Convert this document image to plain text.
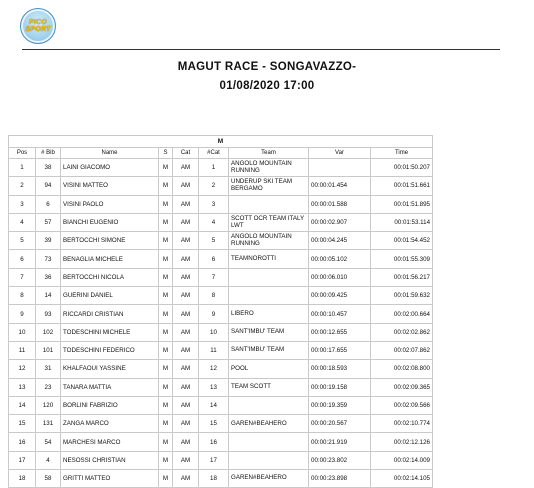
PICO
SPORT
MAGUT RACE - SONGAVAZZO-
01/08/2020 17:00
M								
Pos	# Bib	Name	S	Cat	#Cat	Team	Var	Time
1	38	LAINI GIACOMO	M	AM	1	ANGOLO MOUNTAIN RUNNING		00:01:50.207
2	94	VISINI MATTEO	M	AM	2	UNDERUP SKI TEAM BERGAMO	00:00:01.454	00:01:51.661
3	6	VISINI PAOLO	M	AM	3		00:00:01.588	00:01:51.895
4	57	BIANCHI EUGENIO	M	AM	4	SCOTT OCR TEAM ITALY LWT	00:00:02.907	00:01:53.114
5	39	BERTOCCHI SIMONE	M	AM	5	ANGOLO MOUNTAIN RUNNING	00:00:04.245	00:01:54.452
6	73	BENAGLIA MICHELE	M	AM	6	TEAMNOROTTI	00:00:05.102	00:01:55.309
7	36	BERTOCCHI NICOLA	M	AM	7		00:00:06.010	00:01:56.217
8	14	GUERINI DANIEL	M	AM	8		00:00:09.425	00:01:59.632
9	93	RICCARDI CRISTIAN	M	AM	9	LIBERO	00:00:10.457	00:02:00.664
10	102	TODESCHINI MICHELE	M	AM	10	SANT'IMBU' TEAM	00:00:12.655	00:02:02.862
11	101	TODESCHINI FEDERICO	M	AM	11	SANT'IMBU' TEAM	00:00:17.655	00:02:07.862
12	31	KHALFAOUI YASSINE	M	AM	12	POOL	00:00:18.593	00:02:08.800
13	23	TANARA MATTIA	M	AM	13	TEAM SCOTT	00:00:19.158	00:02:09.365
14	120	BORLINI FABRIZIO	M	AM	14		00:00:19.359	00:02:09.566
15	131	ZANGA MARCO	M	AM	15	GAREN#BEAHERO	00:00:20.567	00:02:10.774
16	54	MARCHESI MARCO	M	AM	16		00:00:21.919	00:02:12.126
17	4	NESOSSI CHRISTIAN	M	AM	17		00:00:23.802	00:02:14.009
18	58	GRITTI MATTEO	M	AM	18	GAREN#BEAHERO	00:00:23.898	00:02:14.105
